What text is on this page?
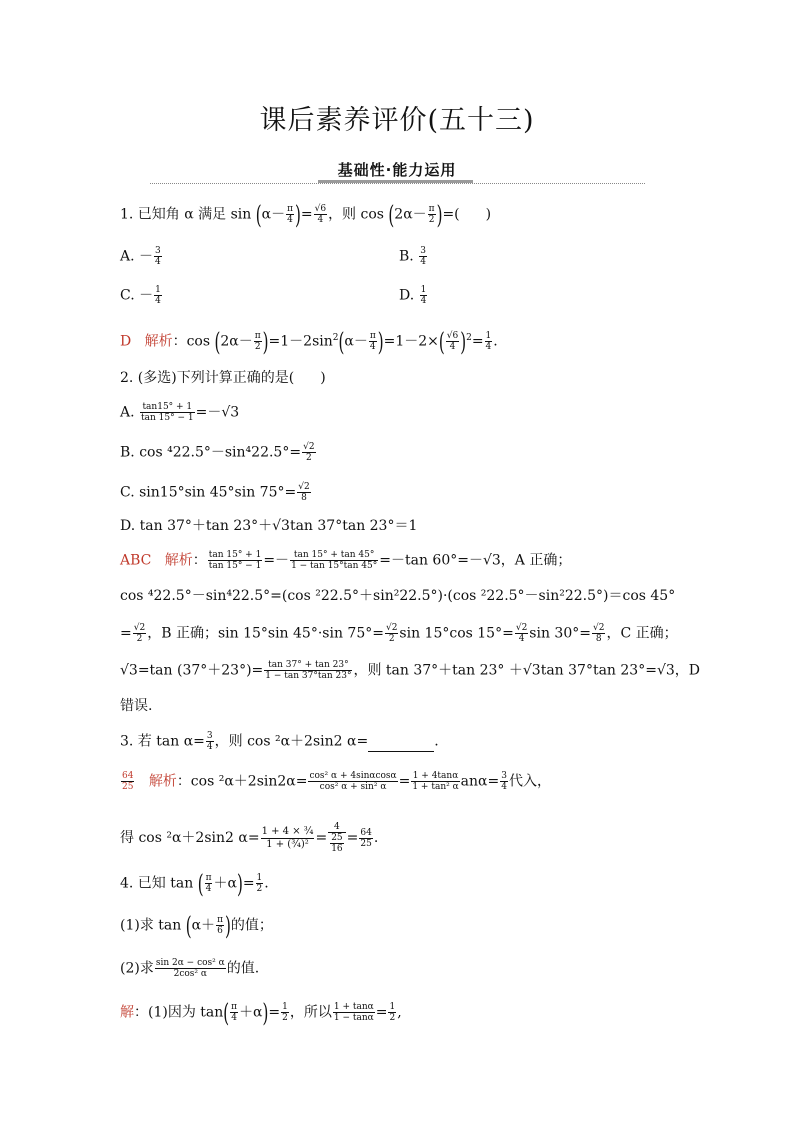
课后素养评价(五十三)
基础性·能力运用
1. 已知角 α 满足 $\sin (\alpha- \frac{\pi}{4}$ )= $\frac{√6}{4}$ ，则 $\cos (2\alpha- \frac{\pi}{2}$ )=( )
A. － $\frac{3}{4}$	B. $\frac{3}{4}$
C. － $\frac{1}{4}$	D. $\frac{1}{4}$
D 解析：$\cos (2\alpha- \frac{\pi}{2} )=1-2\sin^2(\alpha- \frac{\pi}{4} )=1-2\times( \frac{√6}{4} )^2= \frac{1}{4}$ .
2. (多选)下列计算正确的是( )
A. $\frac{\tan 15^\circ + 1}{\tan 15^\circ - 1} =-√3$
B. $\cos ^422.5^\circ-\sin^422.5^\circ= \frac{√2}{2}$
C. sin15°sin 45°sin $75^\circ= \frac{√2}{8}$
D. tan 37°＋tan 23°＋√3tan 37°tan 23°＝1
ABC 解析： $\frac{\tan 15^\circ + 1}{\tan 15^\circ - 1} =- \frac{\tan 15^\circ + \tan 45^\circ}{1 - \tan 15^\circ\tan 45^\circ} =-\tan$ 60°=－√3，A 正确；
cos ⁴22.5°－sin⁴22.5°=(cos ²22.5°＋sin²22.5°)·(cos ²22.5°－sin²22.5°)＝cos 45°
= $\frac{√2}{2}$ ，B 正确；sin 15°sin 45°·sin $75^\circ= \frac{√2}{2}$ sin 15°cos $15^\circ= \frac{√2}{4}$ $\sin 30^\circ= \frac{√2}{8}$ ，C 正确；
√3=tan $(37^\circ+23^\circ)= \frac{\tan 37^\circ + \tan 23^\circ}{1 - \tan 37^\circ\tan 23^\circ}$ ，则 tan 37°＋tan 23° ＋√3tan 37°tan 23°=√3，D
错误.
3. 若 $\tan \alpha= \frac{3}{4}$ ，则 cos ²α＋2sin2 α=	.
$\frac{64}{25}$ 解析：$\cos ^2\alpha+2\sin 2\alpha= \frac{\text{cos² α + 4sinαcosα}}{\text{cos² α + sin² α}} = \frac{1 + 4\tan\alpha}{\text{1 + tan² α}} an\alpha= \frac{3}{4}$ 代入，
得 cos ²α＋2sin2 $\alpha= \frac{\text{1 + 4 × ¾}}{\text{1 + (¾)²}} = \frac{4}{\frac{25}{16}} = \frac{64}{25}$ .
4. 已知 tan ( $\frac{\pi}{4} +\alpha)= \frac{1}{2}$ .
(1)求 $\tan (\alpha+ \frac{\pi}{6}$ )的值；
(2)求 $\frac{\text{sin 2α − cos² α}}{\text{2cos² α}}$ 的值.
解：(1)因为 $\tan( \frac{\pi}{4} +\alpha)= \frac{1}{2}$ ，所以 $\frac{1 + \tan\alpha}{1 - \tan\alpha} = \frac{1}{2}$ ,
